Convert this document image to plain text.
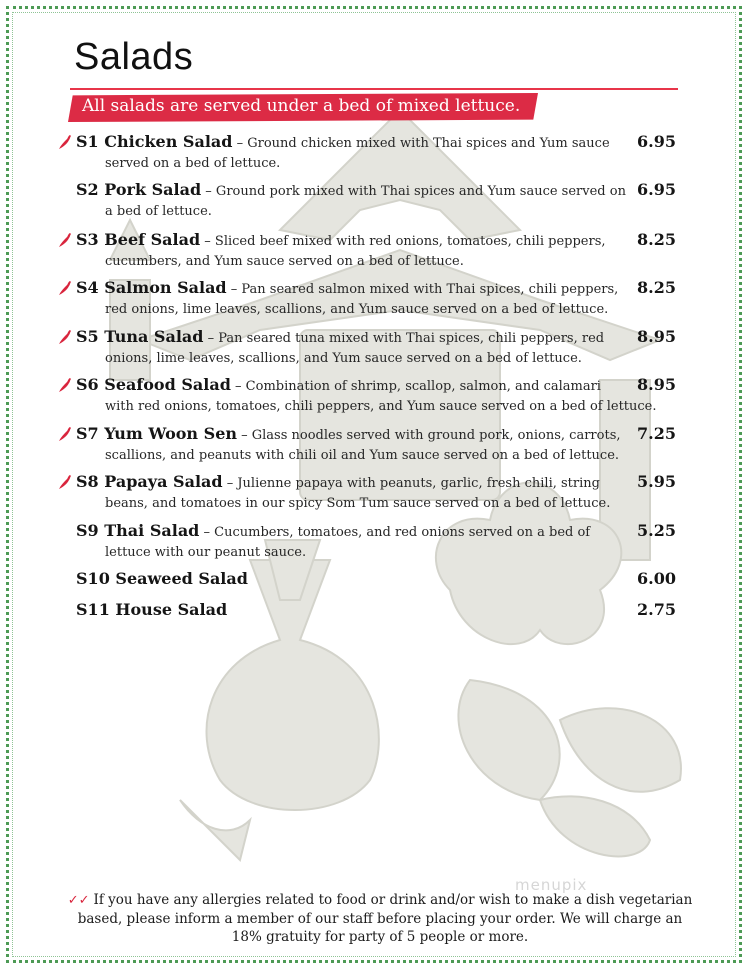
Salads
All salads are served under a bed of mixed lettuce.
S1 Chicken Salad – Ground chicken mixed with Thai spices and Yum sauce
served on a bed of lettuce.
6.95
S2 Pork Salad – Ground pork mixed with Thai spices and Yum sauce served on
a bed of lettuce.
6.95
S3 Beef Salad – Sliced beef mixed with red onions, tomatoes, chili peppers,
cucumbers, and Yum sauce served on a bed of lettuce.
8.25
S4 Salmon Salad – Pan seared salmon mixed with Thai spices, chili peppers,
red onions, lime leaves, scallions, and Yum sauce served on a bed of lettuce.
8.25
S5 Tuna Salad – Pan seared tuna mixed with Thai spices, chili peppers, red
onions, lime leaves, scallions, and Yum sauce served on a bed of lettuce.
8.95
S6 Seafood Salad – Combination of shrimp, scallop, salmon, and calamari
with red onions, tomatoes, chili peppers, and Yum sauce served on a bed of lettuce.
8.95
S7 Yum Woon Sen – Glass noodles served with ground pork, onions, carrots,
scallions, and peanuts with chili oil and Yum sauce served on a bed of lettuce.
7.25
S8 Papaya Salad – Julienne papaya with peanuts, garlic, fresh chili, string
beans, and tomatoes in our spicy Som Tum sauce served on a bed of lettuce.
5.95
S9 Thai Salad – Cucumbers, tomatoes, and red onions served on a bed of
lettuce with our peanut sauce.
5.25
S10 Seaweed Salad	6.00
S11 House Salad	2.75
✓✓ If you have any allergies related to food or drink and/or wish to make a dish vegetarian
based, please inform a member of our staff before placing your order. We will charge an
18% gratuity for party of 5 people or more.
menupix
